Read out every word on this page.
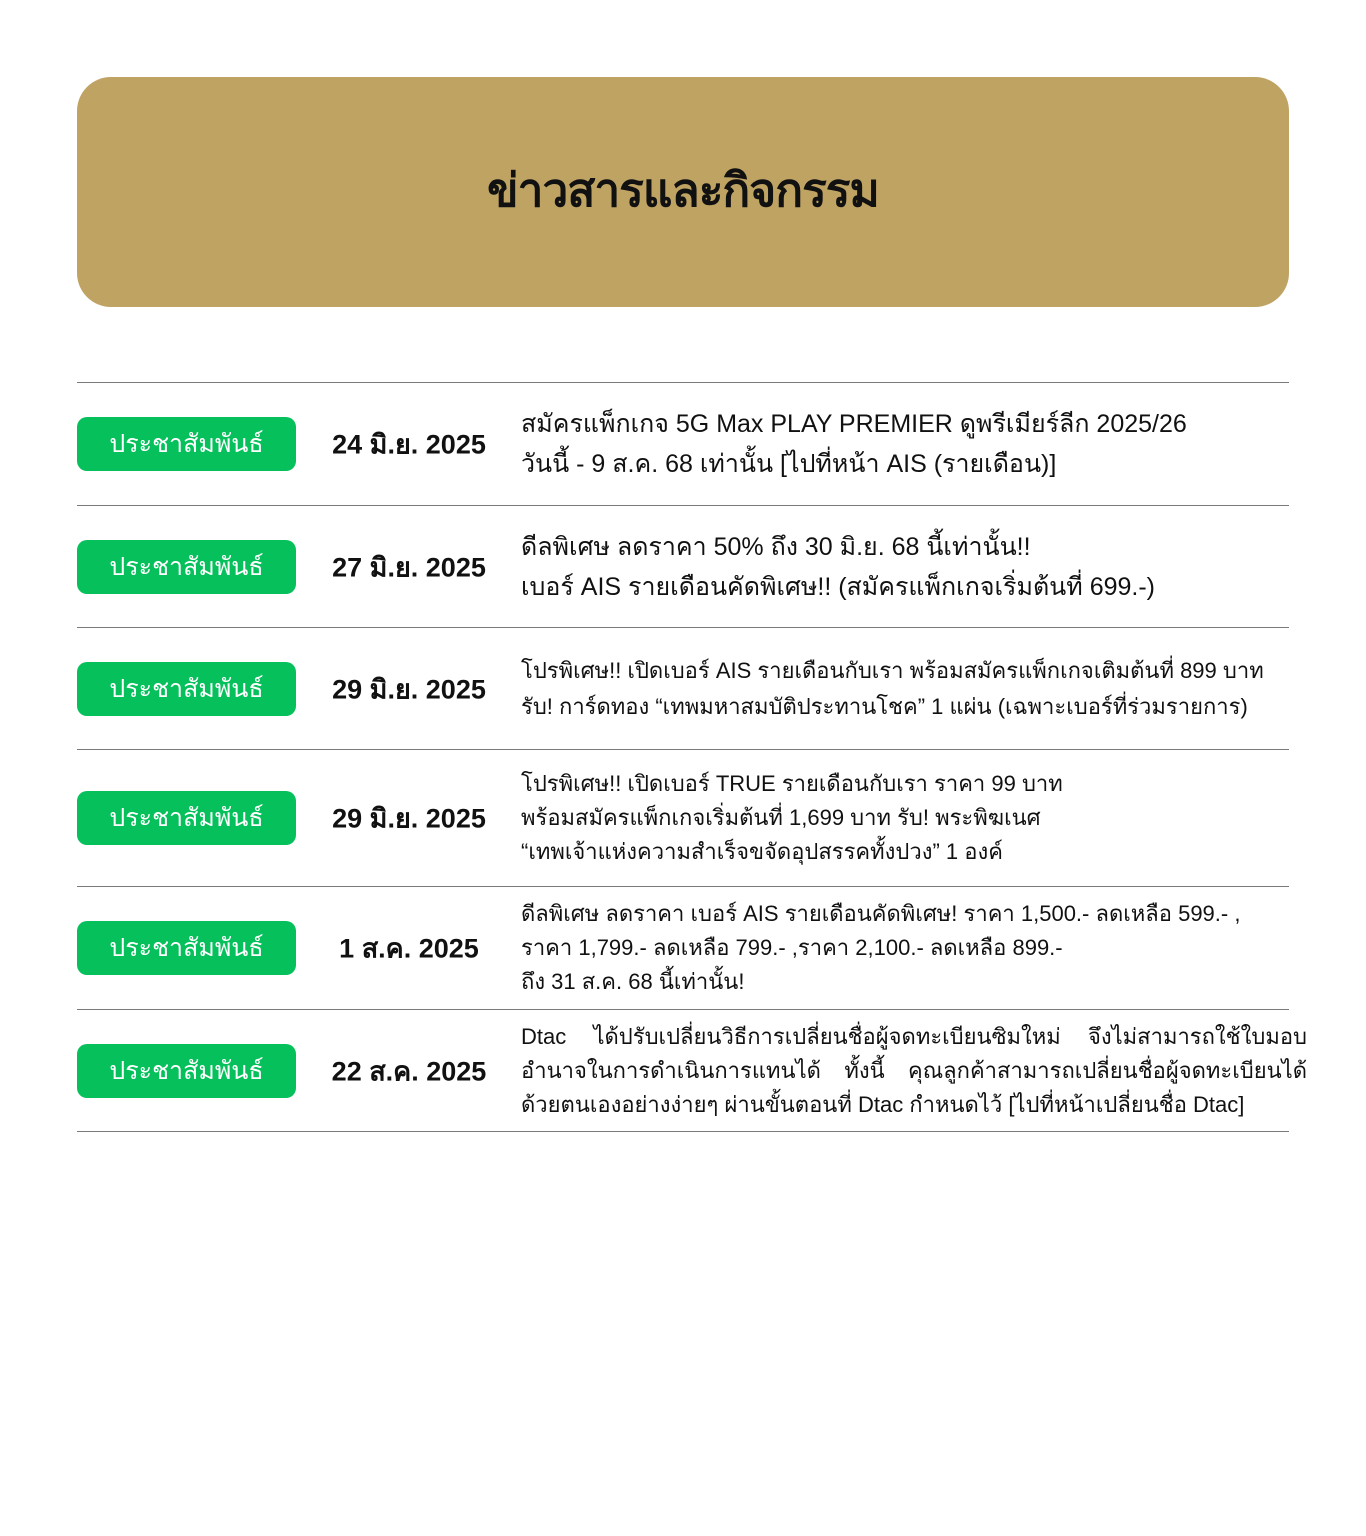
ข่าวสารและกิจกรรม
ประชาสัมพันธ์	24 มิ.ย. 2025
สมัครแพ็กเกจ 5G Max PLAY PREMIER ดูพรีเมียร์ลีก 2025/26
วันนี้ - 9 ส.ค. 68 เท่านั้น [ไปที่หน้า AIS (รายเดือน)]
ประชาสัมพันธ์	27 มิ.ย. 2025
ดีลพิเศษ ลดราคา 50% ถึง 30 มิ.ย. 68 นี้เท่านั้น!!
เบอร์ AIS รายเดือนคัดพิเศษ!! (สมัครแพ็กเกจเริ่มต้นที่ 699.-)
ประชาสัมพันธ์	29 มิ.ย. 2025
โปรพิเศษ!! เปิดเบอร์ AIS รายเดือนกับเรา พร้อมสมัครแพ็กเกจเติมต้นที่ 899 บาท
รับ! การ์ดทอง “เทพมหาสมบัติประทานโชค” 1 แผ่น (เฉพาะเบอร์ที่ร่วมรายการ)
ประชาสัมพันธ์	29 มิ.ย. 2025
โปรพิเศษ!! เปิดเบอร์ TRUE รายเดือนกับเรา ราคา 99 บาท
พร้อมสมัครแพ็กเกจเริ่มต้นที่ 1,699 บาท รับ! พระพิฆเนศ
“เทพเจ้าแห่งความสำเร็จขจัดอุปสรรคทั้งปวง” 1 องค์
ประชาสัมพันธ์	1 ส.ค. 2025
ดีลพิเศษ ลดราคา เบอร์ AIS รายเดือนคัดพิเศษ! ราคา 1,500.- ลดเหลือ 599.- ,
ราคา 1,799.- ลดเหลือ 799.- ,ราคา 2,100.- ลดเหลือ 899.-
ถึง 31 ส.ค. 68 นี้เท่านั้น!
ประชาสัมพันธ์	22 ส.ค. 2025
Dtac ได้ปรับเปลี่ยนวิธีการเปลี่ยนชื่อผู้จดทะเบียนซิมใหม่ จึงไม่สามารถใช้ใบมอบ
อำนาจในการดำเนินการแทนได้ ทั้งนี้ คุณลูกค้าสามารถเปลี่ยนชื่อผู้จดทะเบียนได้
ด้วยตนเองอย่างง่ายๆ ผ่านขั้นตอนที่ Dtac กำหนดไว้ [ไปที่หน้าเปลี่ยนชื่อ Dtac]
